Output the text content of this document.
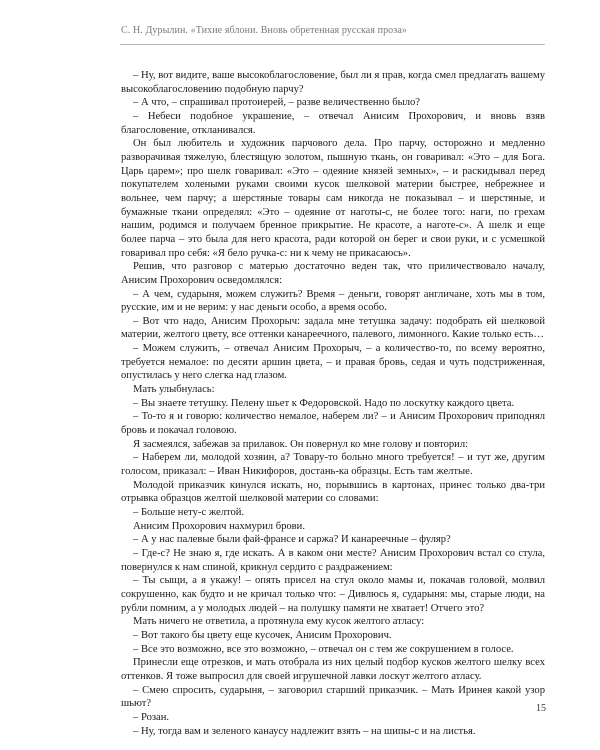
С. Н. Дурылин. «Тихие яблони. Вновь обретенная русская проза»

– Ну, вот видите, ваше высокоблагословение, был ли я прав, когда смел предлагать вашему высокоблагословению подобную парчу?

– А что, – спрашивал протоиерей, – разве величественно было?

– Небеси подобное украшение, – отвечал Анисим Прохорович, и вновь взяв благословение, откланивался.

Он был любитель и художник парчового дела. Про парчу, осторожно и медленно разворачивая тяжелую, блестящую золотом, пышную ткань, он говаривал: «Это – для Бога. Царь царем»; про шелк говаривал: «Это – одеяние князей земных», – и раскидывал перед покупателем холеными руками своими кусок шелковой материи быстрее, небрежнее и вольнее, чем парчу; а шерстяные товары сам никогда не показывал – и шерстяные, и бумажные ткани определял: «Это – одеяние от наготы-с, не более того: наги, по грехам нашим, родимся и получаем бренное прикрытие. Не красоте, а наготе-с». А шелк и еще более парча – это была для него красота, ради которой он берег и свои руки, и с усмешкой говаривал про себя: «Я белo ручка-с: ни к чему не прикасаюсь».

Решив, что разговор с матерью достаточно веден так, что приличествовало началу, Анисим Прохорович осведомлялся:

– А чем, сударыня, можем служить? Время – деньги, говорят англичане, хоть мы в том, русские, им и не верим: у нас деньги особо, а время особо.

– Вот что надо, Анисим Прохорыч: задала мне тетушка задачу: подобрать ей шелковой материи, желтого цвету, все оттенки канареечного, палевого, лимонного. Какие только есть…

– Можем служить, – отвечал Анисим Прохорыч, – а количество-то, по всему вероятно, требуется немалое: по десяти аршин цвета, – и правая бровь, седая и чуть подстриженная, опустилась у него слегка над глазом.

Мать улыбнулась:

– Вы знаете тетушку. Пелену шьет к Федоровской. Надо по лоскутку каждого цвета.

– То-то я и говорю: количество немалое, наберем ли? – и Анисим Прохорович приподнял бровь и покачал головою.

Я засмеялся, забежав за прилавок. Он повернул ко мне голову и повторил:

– Наберем ли, молодой хозяин, а? Товару-то больно много требуется! – и тут же, другим голосом, приказал: – Иван Никифоров, достань-ка образцы. Есть там желтые.

Молодой приказчик кинулся искать, но, порывшись в картонах, принес только два-три отрывка образцов желтой шелковой материи со словами:

– Больше нету-с желтой.

Анисим Прохорович нахмурил брови.

– А у нас палевые были фай-франсе и саржа? И канареечные – фуляр?

– Где-с? Не знаю я, где искать. А в каком они месте? Анисим Прохорович встал со стула, повернулся к нам спиной, крикнул сердито с раздражением:

– Ты сыщи, а я укажу! – опять присел на стул около мамы и, покачав головой, молвил сокрушенно, как будто и не кричал только что: – Дивлюсь я, сударыня: мы, старые люди, на рубли помним, а у молодых людей – на полушку памяти не хватает! Отчего это?

Мать ничего не ответила, а протянула ему кусок желтого атласу:

– Вот такого бы цвету еще кусочек, Анисим Прохорович.

– Все это возможно, все это возможно, – отвечал он с тем же сокрушением в голосе.

Принесли еще отрезков, и мать отобрала из них целый подбор кусков желтого шелку всех оттенков. Я тоже выпросил для своей игрушечной лавки лоскут желтого атласу.

– Смею спросить, сударыня, – заговорил старший приказчик. – Мать Иринея какой узор шьют?

– Розан.

– Ну, тогда вам и зеленого канаусу надлежит взять – на шипы-с и на листья.

15
